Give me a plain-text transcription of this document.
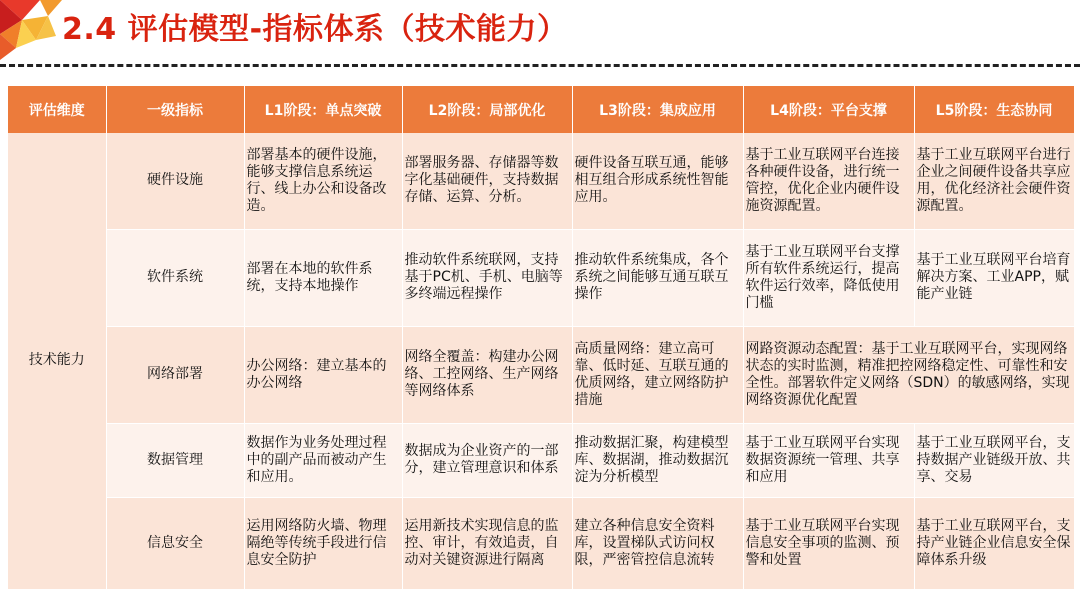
2.4 评估模型-指标体系（技术能力）
评估维度	一级指标	L1阶段：单点突破	L2阶段：局部优化	L3阶段：集成应用	L4阶段：平台支撑	L5阶段：生态协同
技术能力	硬件设施	部署基本的硬件设施，能够支撑信息系统运行、线上办公和设备改造。	部署服务器、存储器等数字化基础硬件，支持数据存储、运算、分析。	硬件设备互联互通，能够相互组合形成系统性智能应用。	基于工业互联网平台连接各种硬件设备，进行统一管控，优化企业内硬件设施资源配置。	基于工业互联网平台进行企业之间硬件设备共享应用，优化经济社会硬件资源配置。
	软件系统	部署在本地的软件系统，支持本地操作	推动软件系统联网，支持基于PC机、手机、电脑等多终端远程操作	推动软件系统集成，各个系统之间能够互通互联互操作	基于工业互联网平台支撑所有软件系统运行，提高软件运行效率，降低使用门槛	基于工业互联网平台培育解决方案、工业APP，赋能产业链
	网络部署	办公网络：建立基本的办公网络	网络全覆盖：构建办公网络、工控网络、生产网络等网络体系	高质量网络：建立高可靠、低时延、互联互通的优质网络，建立网络防护措施	网路资源动态配置：基于工业互联网平台，实现网络状态的实时监测，精准把控网络稳定性、可靠性和安全性。部署软件定义网络（SDN）的敏感网络，实现网络资源优化配置	
	数据管理	数据作为业务处理过程中的副产品而被动产生和应用。	数据成为企业资产的一部分，建立管理意识和体系	推动数据汇聚，构建模型库、数据湖，推动数据沉淀为分析模型	基于工业互联网平台实现数据资源统一管理、共享和应用	基于工业互联网平台，支持数据产业链级开放、共享、交易
	信息安全	运用网络防火墙、物理隔绝等传统手段进行信息安全防护	运用新技术实现信息的监控、审计，有效追责，自动对关键资源进行隔离	建立各种信息安全资料库，设置梯队式访问权限，严密管控信息流转	基于工业互联网平台实现信息安全事项的监测、预警和处置	基于工业互联网平台，支持产业链企业信息安全保障体系升级
